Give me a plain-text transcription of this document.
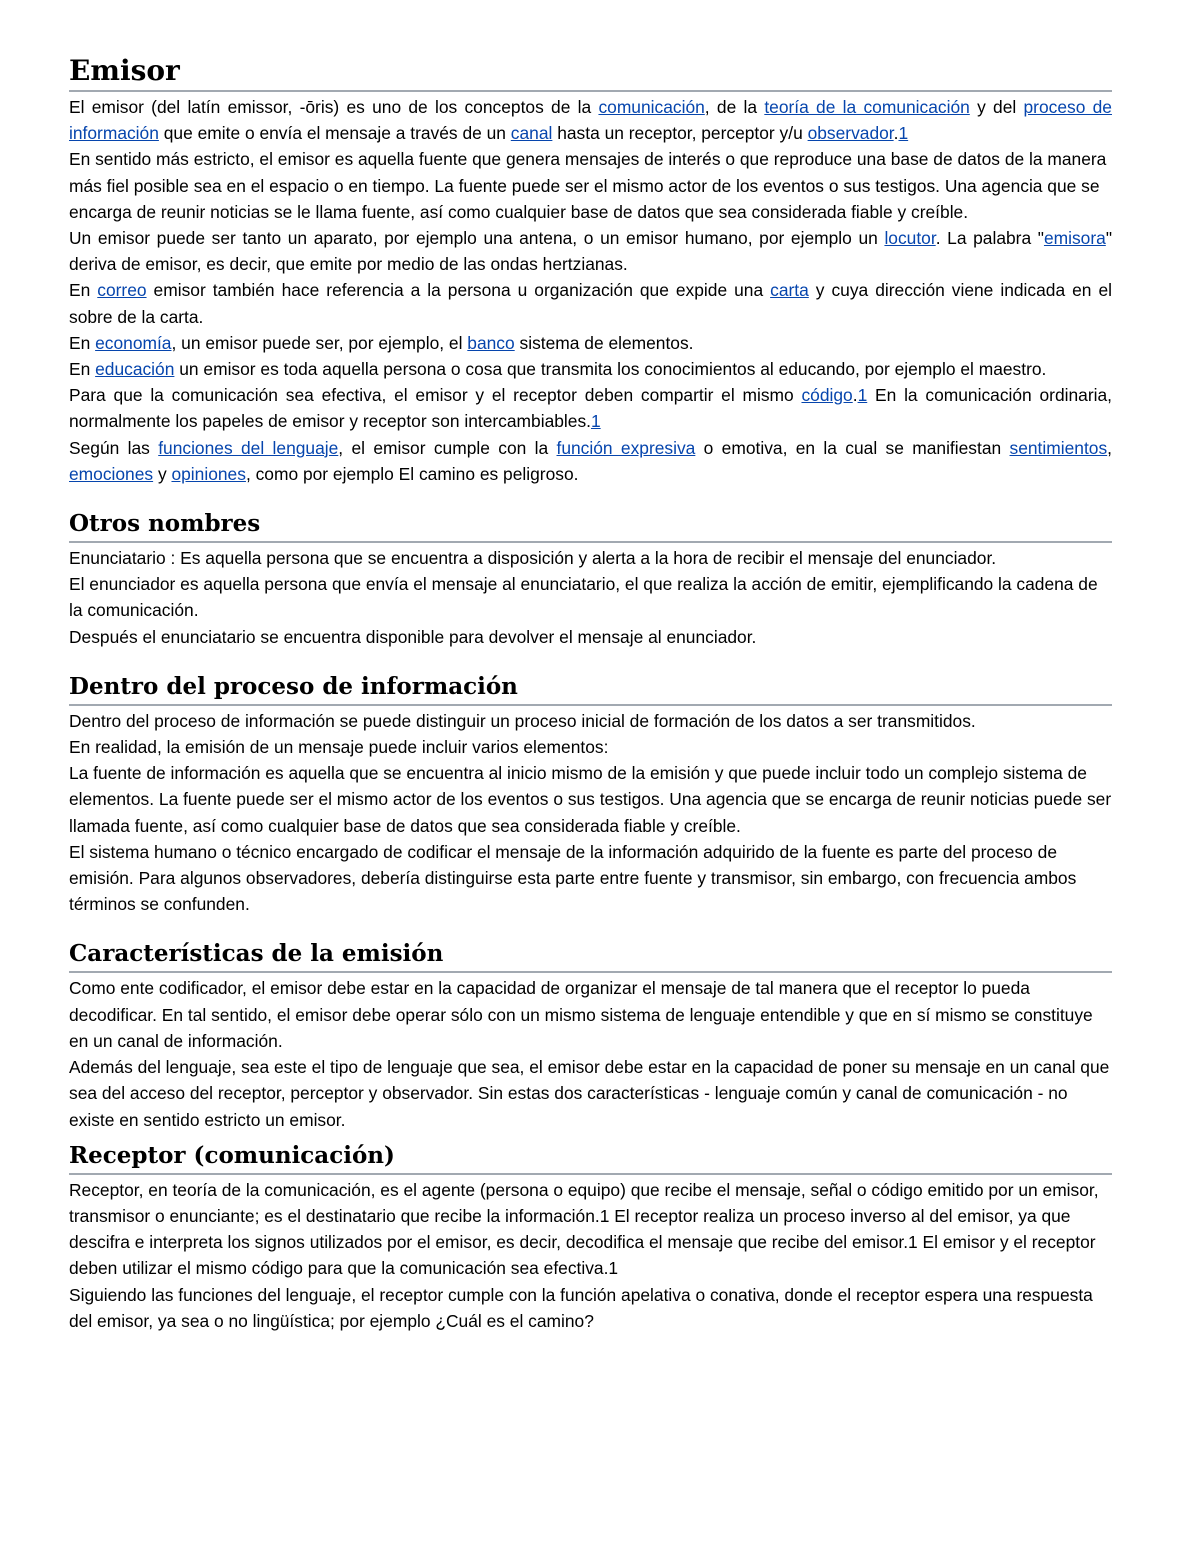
Emisor

El emisor (del latín emissor, -ōris) es uno de los conceptos de la comunicación, de la teoría de la comunicación y del proceso de información que emite o envía el mensaje a través de un canal hasta un receptor, perceptor y/u observador.1

En sentido más estricto, el emisor es aquella fuente que genera mensajes de interés o que reproduce una base de datos de la manera más fiel posible sea en el espacio o en tiempo. La fuente puede ser el mismo actor de los eventos o sus testigos. Una agencia que se encarga de reunir noticias se le llama fuente, así como cualquier base de datos que sea considerada fiable y creíble.

Un emisor puede ser tanto un aparato, por ejemplo una antena, o un emisor humano, por ejemplo un locutor. La palabra "emisora" deriva de emisor, es decir, que emite por medio de las ondas hertzianas.

En correo emisor también hace referencia a la persona u organización que expide una carta y cuya dirección viene indicada en el sobre de la carta.

En economía, un emisor puede ser, por ejemplo, el banco sistema de elementos.

En educación un emisor es toda aquella persona o cosa que transmita los conocimientos al educando, por ejemplo el maestro.

Para que la comunicación sea efectiva, el emisor y el receptor deben compartir el mismo código.1 En la comunicación ordinaria, normalmente los papeles de emisor y receptor son intercambiables.1

Según las funciones del lenguaje, el emisor cumple con la función expresiva o emotiva, en la cual se manifiestan sentimientos, emociones y opiniones, como por ejemplo El camino es peligroso.

Otros nombres

Enunciatario : Es aquella persona que se encuentra a disposición y alerta a la hora de recibir el mensaje del enunciador.

El enunciador es aquella persona que envía el mensaje al enunciatario, el que realiza la acción de emitir, ejemplificando la cadena de la comunicación.

Después el enunciatario se encuentra disponible para devolver el mensaje al enunciador.

Dentro del proceso de información

Dentro del proceso de información se puede distinguir un proceso inicial de formación de los datos a ser transmitidos.

En realidad, la emisión de un mensaje puede incluir varios elementos:

La fuente de información es aquella que se encuentra al inicio mismo de la emisión y que puede incluir todo un complejo sistema de elementos. La fuente puede ser el mismo actor de los eventos o sus testigos. Una agencia que se encarga de reunir noticias puede ser llamada fuente, así como cualquier base de datos que sea considerada fiable y creíble.

El sistema humano o técnico encargado de codificar el mensaje de la información adquirido de la fuente es parte del proceso de emisión. Para algunos observadores, debería distinguirse esta parte entre fuente y transmisor, sin embargo, con frecuencia ambos términos se confunden.

Características de la emisión

Como ente codificador, el emisor debe estar en la capacidad de organizar el mensaje de tal manera que el receptor lo pueda decodificar. En tal sentido, el emisor debe operar sólo con un mismo sistema de lenguaje entendible y que en sí mismo se constituye en un canal de información.

Además del lenguaje, sea este el tipo de lenguaje que sea, el emisor debe estar en la capacidad de poner su mensaje en un canal que sea del acceso del receptor, perceptor y observador. Sin estas dos características - lenguaje común y canal de comunicación - no existe en sentido estricto un emisor.

Receptor (comunicación)

Receptor, en teoría de la comunicación, es el agente (persona o equipo) que recibe el mensaje, señal o código emitido por un emisor, transmisor o enunciante; es el destinatario que recibe la información.1 El receptor realiza un proceso inverso al del emisor, ya que descifra e interpreta los signos utilizados por el emisor, es decir, decodifica el mensaje que recibe del emisor.1 El emisor y el receptor deben utilizar el mismo código para que la comunicación sea efectiva.1

Siguiendo las funciones del lenguaje, el receptor cumple con la función apelativa o conativa, donde el receptor espera una respuesta del emisor, ya sea o no lingüística; por ejemplo ¿Cuál es el camino?
